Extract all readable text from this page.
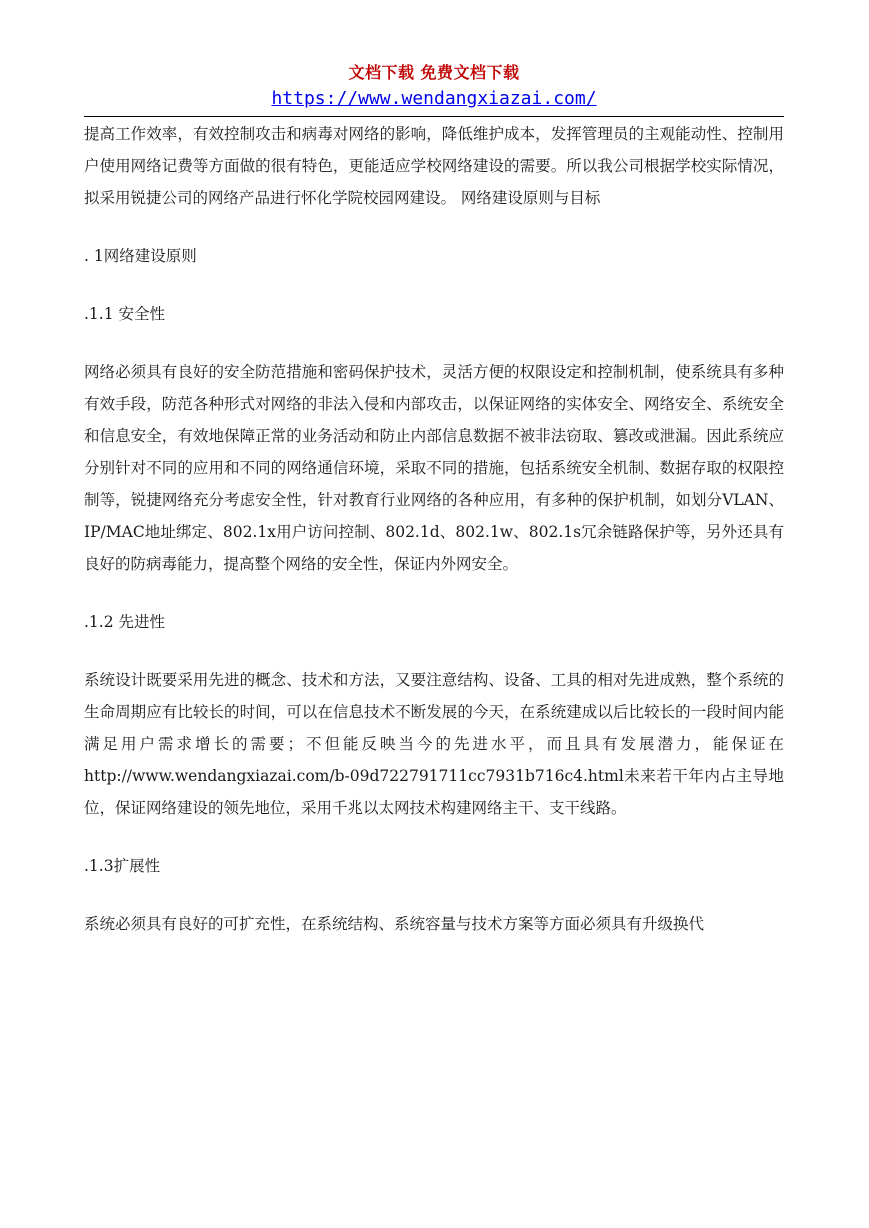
文档下载 免费文档下载
https://www.wendangxiazai.com/

提高工作效率，有效控制攻击和病毒对网络的影响，降低维护成本，发挥管理员的主观能动性、控制用户使用网络记费等方面做的很有特色，更能适应学校网络建设的需要。所以我公司根据学校实际情况，拟采用锐捷公司的网络产品进行怀化学院校园网建设。 网络建设原则与目标

. 1网络建设原则

.1.1 安全性

网络必须具有良好的安全防范措施和密码保护技术，灵活方便的权限设定和控制机制，使系统具有多种有效手段，防范各种形式对网络的非法入侵和内部攻击，以保证网络的实体安全、网络安全、系统安全和信息安全，有效地保障正常的业务活动和防止内部信息数据不被非法窃取、篡改或泄漏。因此系统应分别针对不同的应用和不同的网络通信环境，采取不同的措施，包括系统安全机制、数据存取的权限控制等，锐捷网络充分考虑安全性，针对教育行业网络的各种应用，有多种的保护机制，如划分VLAN、IP/MAC地址绑定、802.1x用户访问控制、802.1d、802.1w、802.1s冗余链路保护等，另外还具有良好的防病毒能力，提高整个网络的安全性，保证内外网安全。

.1.2 先进性

系统设计既要采用先进的概念、技术和方法，又要注意结构、设备、工具的相对先进成熟，整个系统的生命周期应有比较长的时间，可以在信息技术不断发展的今天，在系统建成以后比较长的一段时间内能满足用户需求增长的需要；不但能反映当今的先进水平，而且具有发展潜力，能保证在http://www.wendangxiazai.com/b-09d722791711cc7931b716c4.html未来若干年内占主导地位，保证网络建设的领先地位，采用千兆以太网技术构建网络主干、支干线路。

.1.3扩展性

系统必须具有良好的可扩充性，在系统结构、系统容量与技术方案等方面必须具有升级换代
